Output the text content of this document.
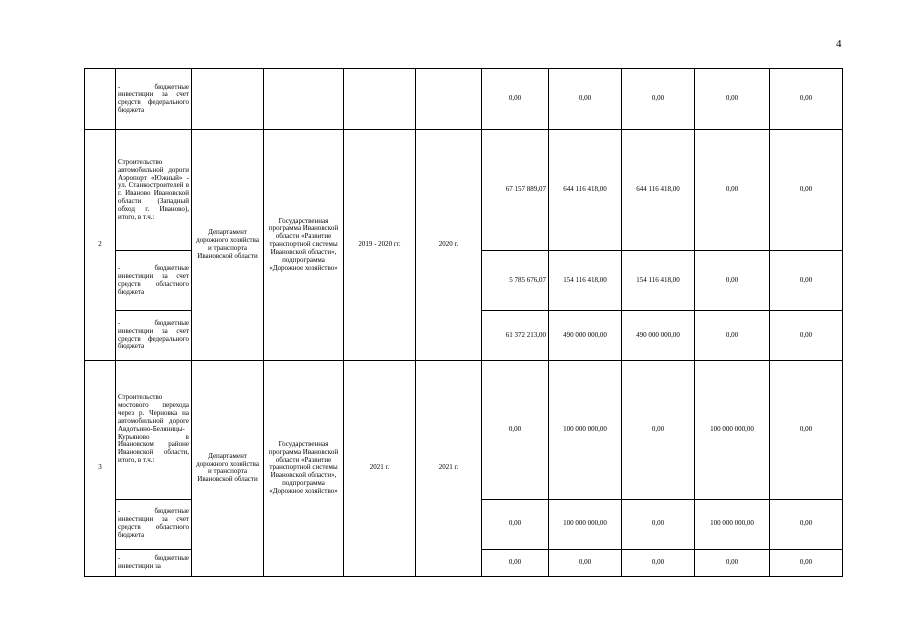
4
	- бюджетные инвестиции за счет средств федерального бюджета					0,00	0,00	0,00	0,00	0,00
2	Строительство автомобильной дороги Аэропорт «Южный» - ул. Станкостроителей в г. Иваново Ивановской области (Западный обход г. Иваново), итого, в т.ч.:	Департамент дорожного хозяйства и транспорта Ивановской области	Государственная программа Ивановской области «Развитие транспортной системы Ивановской области», подпрограмма «Дорожное хозяйство»	2019 - 2020 гг.	2020 г.	67 157 889,07	644 116 418,00	644 116 418,00	0,00	0,00
	- бюджетные инвестиции за счет средств областного бюджета					5 785 676,07	154 116 418,00	154 116 418,00	0,00	0,00
	- бюджетные инвестиции за счет средств федерального бюджета					61 372 213,00	490 000 000,00	490 000 000,00	0,00	0,00
3	Строительство мостового перехода через р. Черновка на автомобильной дороге Авдотьино-Беляницы-Курьяново в Ивановском районе Ивановской области, итого, в т.ч.:	Департамент дорожного хозяйства и транспорта Ивановской области	Государственная программа Ивановской области «Развитие транспортной системы Ивановской области», подпрограмма «Дорожное хозяйство»	2021 г.	2021 г.	0,00	100 000 000,00	0,00	100 000 000,00	0,00
	- бюджетные инвестиции за счет средств областного бюджета					0,00	100 000 000,00	0,00	100 000 000,00	0,00
	- бюджетные инвестиции за					0,00	0,00	0,00	0,00	0,00
